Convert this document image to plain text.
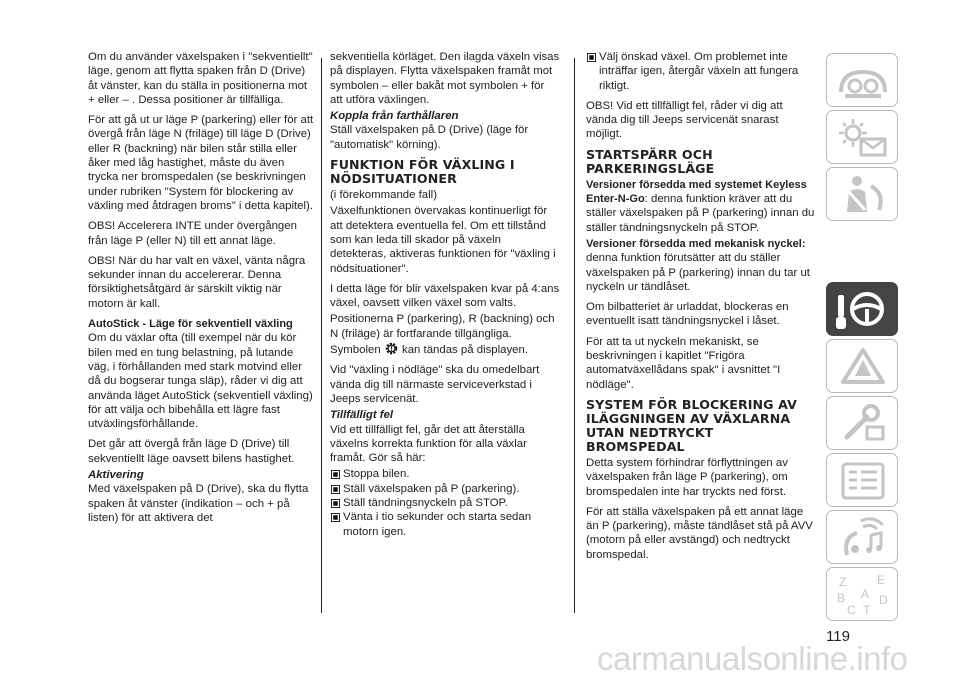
Om du använder växelspaken i "sekventiellt" läge, genom att flytta spaken från D (Drive) åt vänster, kan du ställa in positionerna mot + eller – . Dessa positioner är tillfälliga.

För att gå ut ur läge P (parkering) eller för att övergå från läge N (friläge) till läge D (Drive) eller R (backning) när bilen står stilla eller åker med låg hastighet, måste du även trycka ner bromspedalen (se beskrivningen under rubriken "System för blockering av växling med åtdragen broms" i detta kapitel).

OBS! Accelerera INTE under övergången från läge P (eller N) till ett annat läge.

OBS! När du har valt en växel, vänta några sekunder innan du accelererar. Denna försiktighetsåtgärd är särskilt viktig när motorn är kall.

AutoStick - Läge för sekventiell växling

Om du växlar ofta (till exempel när du kör bilen med en tung belastning, på lutande väg, i förhållanden med stark motvind eller då du bogserar tunga släp), råder vi dig att använda läget AutoStick (sekventiell växling) för att välja och bibehålla ett lägre fast utväxlingsförhållande.

Det går att övergå från läge D (Drive) till sekventiellt läge oavsett bilens hastighet.

Aktivering

Med växelspaken på D (Drive), ska du flytta spaken åt vänster (indikation – och + på listen) för att aktivera det

sekventiella körläget. Den ilagda växeln visas på displayen. Flytta växelspaken framåt mot symbolen – eller bakåt mot symbolen + för att utföra växlingen.

Koppla från farthållaren

Ställ växelspaken på D (Drive) (läge för "automatisk" körning).

FUNKTION FÖR VÄXLING I NÖDSITUATIONER

(i förekommande fall)

Växelfunktionen övervakas kontinuerligt för att detektera eventuella fel. Om ett tillstånd som kan leda till skador på växeln detekteras, aktiveras funktionen för "växling i nödsituationer".

I detta läge för blir växelspaken kvar på 4:ans växel, oavsett vilken växel som valts.

Positionerna P (parkering), R (backning) och N (friläge) är fortfarande tillgängliga. Symbolen kan tändas på displayen.

Vid "växling i nödläge" ska du omedelbart vända dig till närmaste serviceverkstad i Jeeps servicenät.

Tillfälligt fel

Vid ett tillfälligt fel, går det att återställa växelns korrekta funktion för alla växlar framåt. Gör så här:

Stoppa bilen.
Ställ växelspaken på P (parkering).
Ställ tändningsnyckeln på STOP.
Vänta i tio sekunder och starta sedan motorn igen.
Välj önskad växel. Om problemet inte inträffar igen, återgår växeln att fungera riktigt.

OBS! Vid ett tillfälligt fel, råder vi dig att vända dig till Jeeps servicenät snarast möjligt.

STARTSPÄRR OCH PARKERINGSLÄGE

Versioner försedda med systemet Keyless Enter-N-Go: denna funktion kräver att du ställer växelspaken på P (parkering) innan du ställer tändningsnyckeln på STOP.

Versioner försedda med mekanisk nyckel:

denna funktion förutsätter att du ställer växelspaken på P (parkering) innan du tar ut nyckeln ur tändlåset.

Om bilbatteriet är urladdat, blockeras en eventuellt isatt tändningsnyckel i låset.

För att ta ut nyckeln mekaniskt, se beskrivningen i kapitlet "Frigöra automatväxellådans spak" i avsnittet "I nödläge".

SYSTEM FÖR BLOCKERING AV ILÄGGNINGEN AV VÄXLARNA UTAN NEDTRYCKT BROMSPEDAL

Detta system förhindrar förflyttningen av växelspaken från läge P (parkering), om bromspedalen inte har tryckts ned först.

För att ställa växelspaken på ett annat läge än P (parkering), måste tändlåset stå på AVV (motorn på eller avstängd) och nedtryckt bromspedal.

Z	E
B A
C T
D
119
carmanualsonline.info
